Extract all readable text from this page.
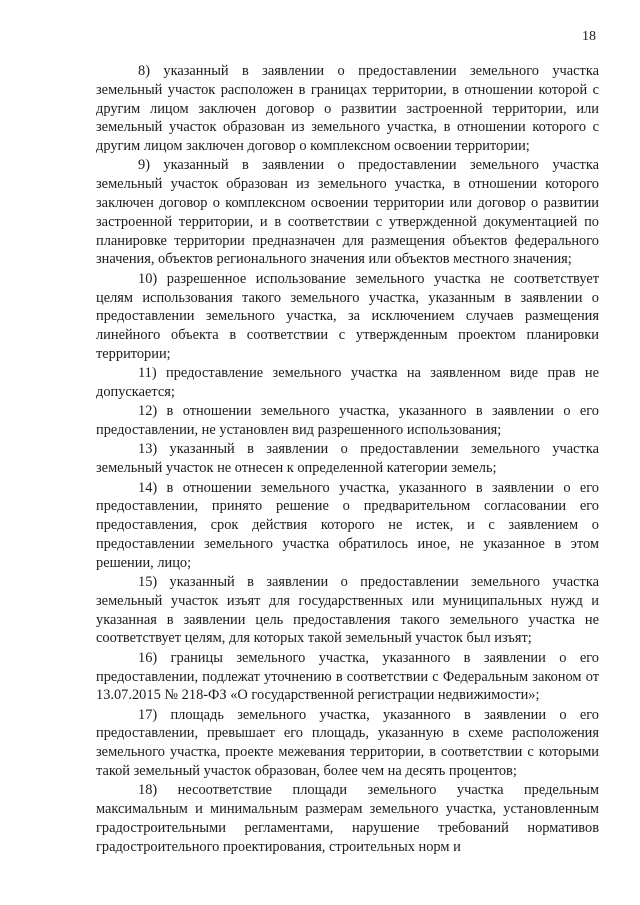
18

8) указанный в заявлении о предоставлении земельного участка земельный участок расположен в границах территории, в отношении которой с другим лицом заключен договор о развитии застроенной территории, или земельный участок образован из земельного участка, в отношении которого с другим лицом заключен договор о комплексном освоении территории;

9) указанный в заявлении о предоставлении земельного участка земельный участок образован из земельного участка, в отношении которого заключен договор о комплексном освоении территории или договор о развитии застроенной территории, и в соответствии с утвержденной документацией по планировке территории предназначен для размещения объектов федерального значения, объектов регионального значения или объектов местного значения;

10) разрешенное использование земельного участка не соответствует целям использования такого земельного участка, указанным в заявлении о предоставлении земельного участка, за исключением случаев размещения линейного объекта в соответствии с утвержденным проектом планировки территории;

11) предоставление земельного участка на заявленном виде прав не допускается;

12) в отношении земельного участка, указанного в заявлении о его предоставлении, не установлен вид разрешенного использования;

13) указанный в заявлении о предоставлении земельного участка земельный участок не отнесен к определенной категории земель;

14) в отношении земельного участка, указанного в заявлении о его предоставлении, принято решение о предварительном согласовании его предоставления, срок действия которого не истек, и с заявлением о предоставлении земельного участка обратилось иное, не указанное в этом решении, лицо;

15) указанный в заявлении о предоставлении земельного участка земельный участок изъят для государственных или муниципальных нужд и указанная в заявлении цель предоставления такого земельного участка не соответствует целям, для которых такой земельный участок был изъят;

16) границы земельного участка, указанного в заявлении о его предоставлении, подлежат уточнению в соответствии с Федеральным законом от 13.07.2015 № 218-ФЗ «О государственной регистрации недвижимости»;

17) площадь земельного участка, указанного в заявлении о его предоставлении, превышает его площадь, указанную в схеме расположения земельного участка, проекте межевания территории, в соответствии с которыми такой земельный участок образован, более чем на десять процентов;

18) несоответствие площади земельного участка предельным максимальным и минимальным размерам земельного участка, установленным градостроительными регламентами, нарушение требований нормативов градостроительного проектирования, строительных норм и
